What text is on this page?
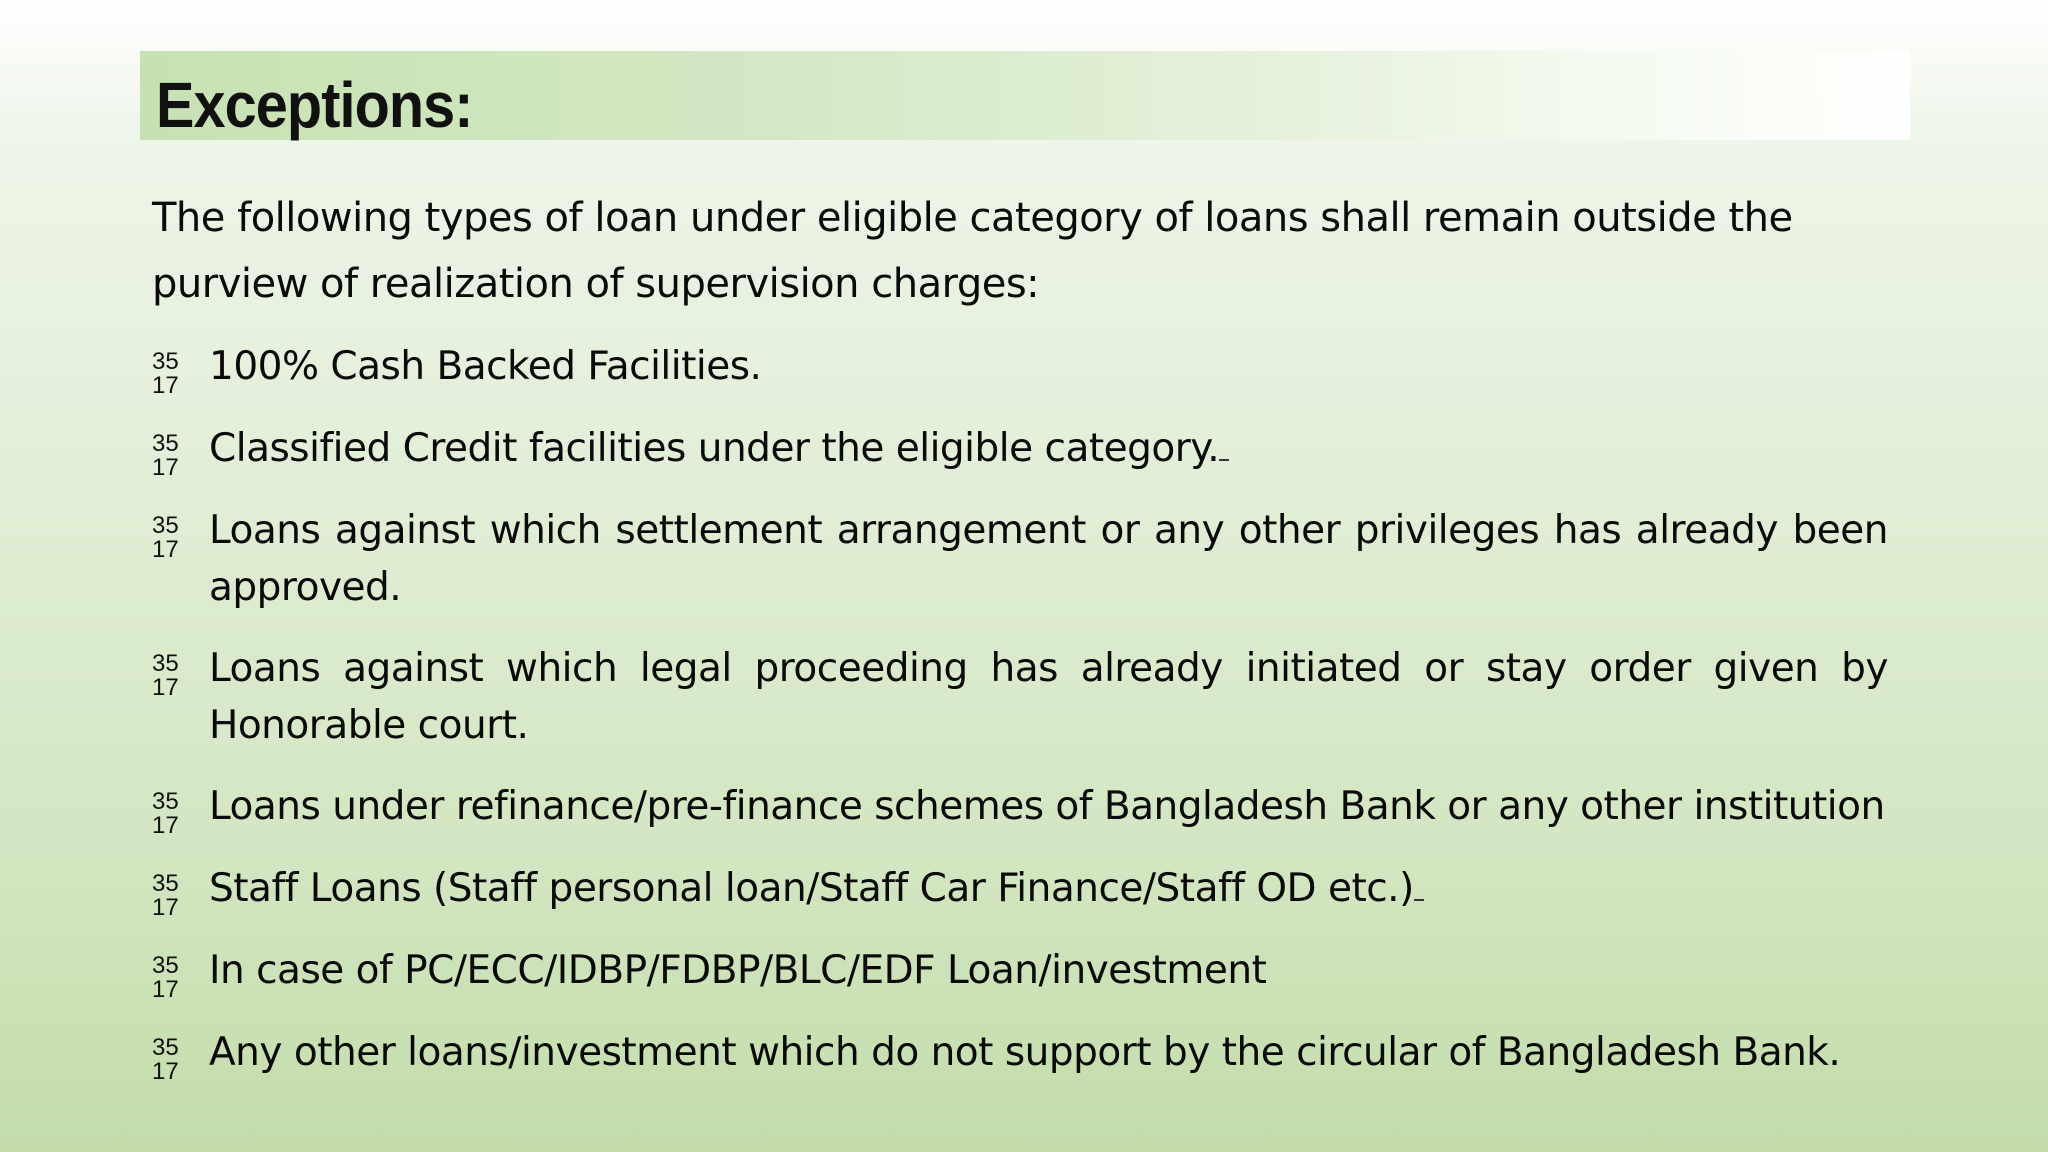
Exceptions:

The following types of loan under eligible category of loans shall remain outside the purview of realization of supervision charges:

35
17 100% Cash Backed Facilities.
35
17 Classified Credit facilities under the eligible category.
35
17 Loans against which settlement arrangement or any other privileges has already been approved.
35
17 Loans against which legal proceeding has already initiated or stay order given by Honorable court.
35
17 Loans under refinance/pre-finance schemes of Bangladesh Bank or any other institution
35
17 Staff Loans (Staff personal loan/Staff Car Finance/Staff OD etc.)
35
17 In case of PC/ECC/IDBP/FDBP/BLC/EDF Loan/investment
35
17 Any other loans/investment which do not support by the circular of Bangladesh Bank.
